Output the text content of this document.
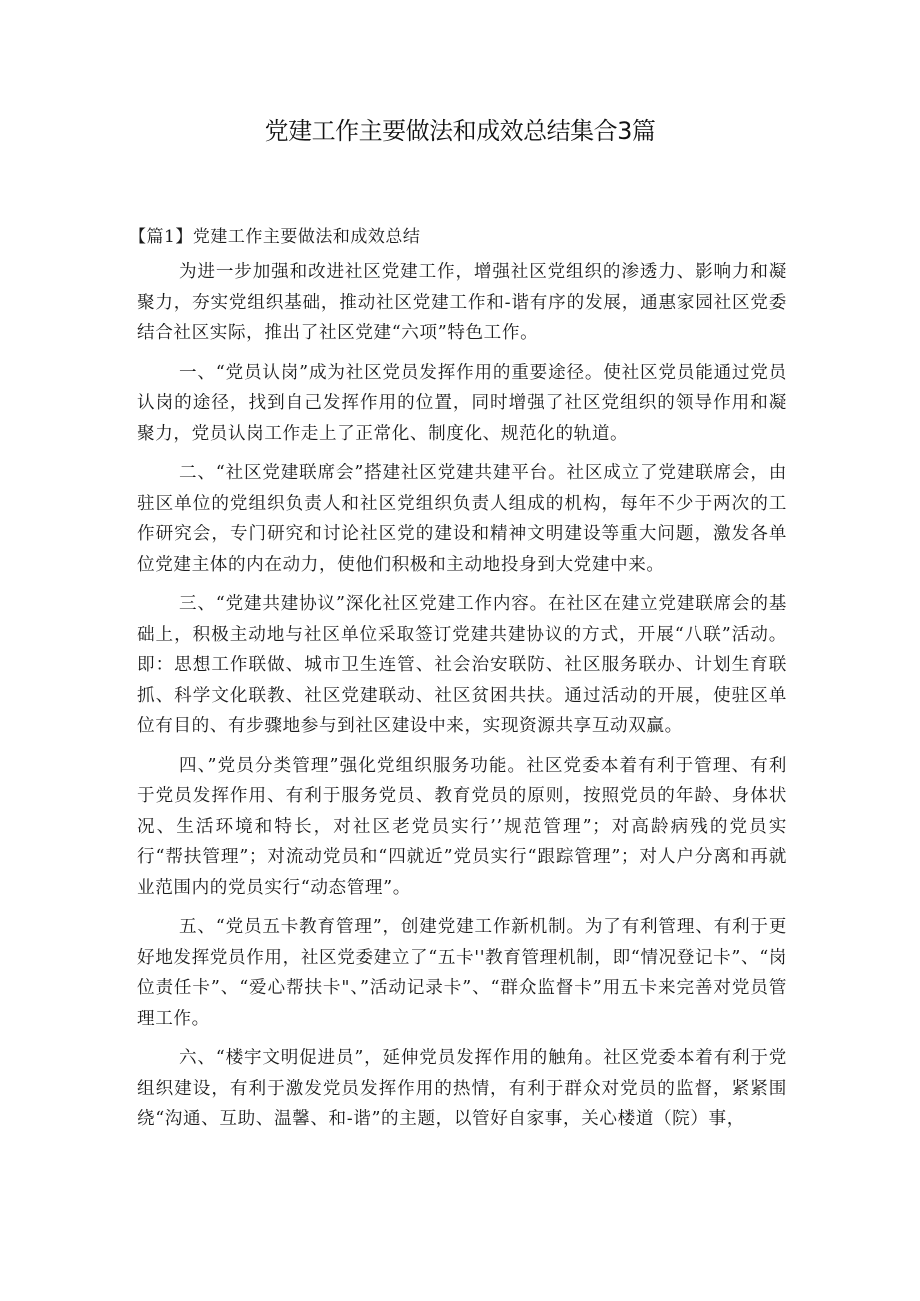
党建工作主要做法和成效总结集合3篇
【篇1】党建工作主要做法和成效总结

为进一步加强和改进社区党建工作，增强社区党组织的渗透力、影响力和凝聚力，夯实党组织基础，推动社区党建工作和-谐有序的发展，通惠家园社区党委结合社区实际，推出了社区党建“六项”特色工作。

一、“党员认岗”成为社区党员发挥作用的重要途径。使社区党员能通过党员认岗的途径，找到自己发挥作用的位置，同时增强了社区党组织的领导作用和凝聚力，党员认岗工作走上了正常化、制度化、规范化的轨道。

二、“社区党建联席会”搭建社区党建共建平台。社区成立了党建联席会，由驻区单位的党组织负责人和社区党组织负责人组成的机构，每年不少于两次的工作研究会，专门研究和讨论社区党的建设和精神文明建设等重大问题，激发各单位党建主体的内在动力，使他们积极和主动地投身到大党建中来。

三、“党建共建协议”深化社区党建工作内容。在社区在建立党建联席会的基础上，积极主动地与社区单位采取签订党建共建协议的方式，开展“八联”活动。即：思想工作联做、城市卫生连管、社会治安联防、社区服务联办、计划生育联抓、科学文化联教、社区党建联动、社区贫困共扶。通过活动的开展，使驻区单位有目的、有步骤地参与到社区建设中来，实现资源共享互动双赢。

四、”党员分类管理”强化党组织服务功能。社区党委本着有利于管理、有利于党员发挥作用、有利于服务党员、教育党员的原则，按照党员的年龄、身体状况、生活环境和特长，对社区老党员实行’’规范管理”；对高龄病残的党员实行“帮扶管理”；对流动党员和“四就近”党员实行“跟踪管理”；对人户分离和再就业范围内的党员实行“动态管理”。

五、“党员五卡教育管理”，创建党建工作新机制。为了有利管理、有利于更好地发挥党员作用，社区党委建立了“五卡''教育管理机制，即“情况登记卡”、“岗位责任卡”、“爱心帮扶卡"、”活动记录卡”、“群众监督卡”用五卡来完善对党员管理工作。

六、“楼宇文明促进员”，延伸党员发挥作用的触角。社区党委本着有利于党组织建设，有利于激发党员发挥作用的热情，有利于群众对党员的监督，紧紧围绕“沟通、互助、温馨、和-谐”的主题，以管好自家事，关心楼道（院）事，
